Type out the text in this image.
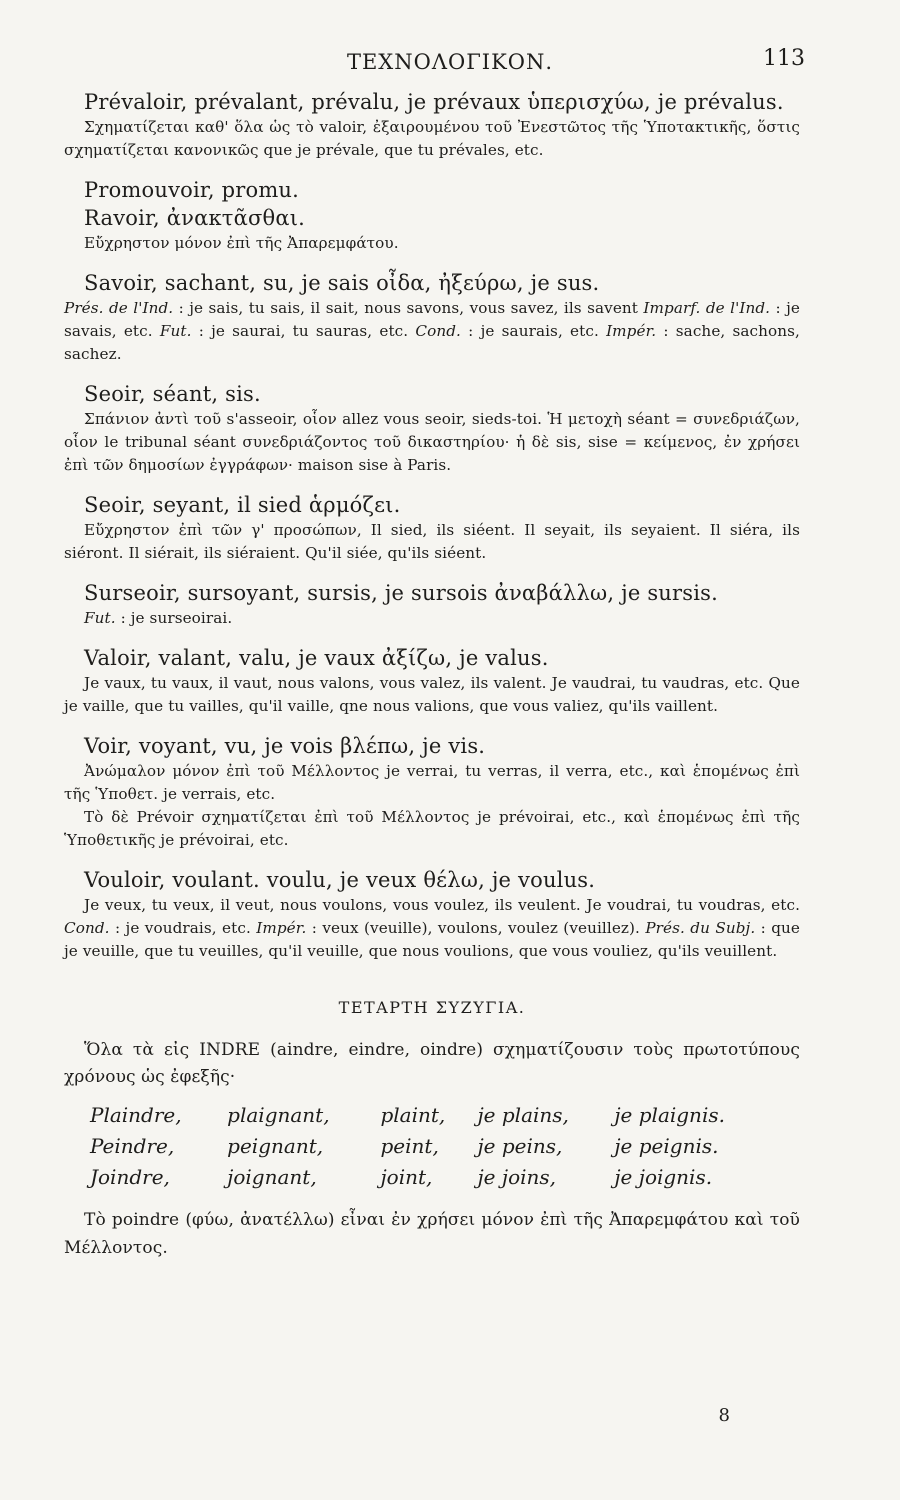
ΤΕΧΝΟΛΟΓΙΚΟΝ.	113

Prévaloir, prévalant, prévalu, je prévaux ὑπερισχύω, je prévalus.

Σχηματίζεται καθ' ὅλα ὡς τὸ valoir, ἐξαιρουμένου τοῦ Ἐνεστῶτος τῆς Ὑποτακτικῆς, ὅστις σχηματίζεται κανονικῶς que je prévale, que tu prévales, etc.

Promouvoir, promu.

Ravoir, ἀνακτᾶσθαι.

Εὔχρηστον μόνον ἐπὶ τῆς Ἀπαρεμφάτου.

Savoir, sachant, su, je sais οἶδα, ἠξεύρω, je sus.

Prés. de l'Ind. : je sais, tu sais, il sait, nous savons, vous savez, ils savent Imparf. de l'Ind. : je savais, etc. Fut. : je saurai, tu sauras, etc. Cond. : je saurais, etc. Impér. : sache, sachons, sachez.

Seoir, séant, sis.

Σπάνιον ἀντὶ τοῦ s'asseoir, οἷον allez vous seoir, sieds-toi. Ἡ μετοχὴ séant = συνεδριάζων, οἷον le tribunal séant συνεδριάζοντος τοῦ δικαστηρίου· ἡ δὲ sis, sise = κείμενος, ἐν χρήσει ἐπὶ τῶν δημοσίων ἐγγράφων· maison sise à Paris.

Seoir, seyant, il sied ἁρμόζει.

Εὔχρηστον ἐπὶ τῶν γ' προσώπων, Il sied, ils siéent. Il seyait, ils seyaient. Il siéra, ils siéront. Il siérait, ils siéraient. Qu'il siée, qu'ils siéent.

Surseoir, sursoyant, sursis, je sursois ἀναβάλλω, je sursis.

Fut. : je surseoirai.

Valoir, valant, valu, je vaux ἀξίζω, je valus.

Je vaux, tu vaux, il vaut, nous valons, vous valez, ils valent. Je vaudrai, tu vaudras, etc. Que je vaille, que tu vailles, qu'il vaille, qne nous valions, que vous valiez, qu'ils vaillent.

Voir, voyant, vu, je vois βλέπω, je vis.

Ἀνώμαλον μόνον ἐπὶ τοῦ Μέλλοντος je verrai, tu verras, il verra, etc., καὶ ἑπομένως ἐπὶ τῆς Ὑποθετ. je verrais, etc.

Τὸ δὲ Prévoir σχηματίζεται ἐπὶ τοῦ Μέλλοντος je prévoirai, etc., καὶ ἑπομένως ἐπὶ τῆς Ὑποθετικῆς je prévoirai, etc.

Vouloir, voulant. voulu, je veux θέλω, je voulus.

Je veux, tu veux, il veut, nous voulons, vous voulez, ils veulent. Je voudrai, tu voudras, etc. Cond. : je voudrais, etc. Impér. : veux (veuille), voulons, voulez (veuillez). Prés. du Subj. : que je veuille, que tu veuilles, qu'il veuille, que nous voulions, que vous vouliez, qu'ils veuillent.

ΤΕΤΑΡΤΗ ΣΥΖΥΓΙΑ.

Ὅλα τὰ εἰς INDRE (aindre, eindre, oindre) σχηματίζουσιν τοὺς πρωτοτύπους χρόνους ὡς ἐφεξῆς·

Plaindre,	plaignant,	plaint,	je plains,	je plaignis.
Peindre,	peignant,	peint,	je peins,	je peignis.
Joindre,	joignant,	joint,	je joins,	je joignis.

Τὸ poindre (φύω, ἀνατέλλω) εἶναι ἐν χρήσει μόνον ἐπὶ τῆς Ἀπαρεμφάτου καὶ τοῦ Μέλλοντος.

8
